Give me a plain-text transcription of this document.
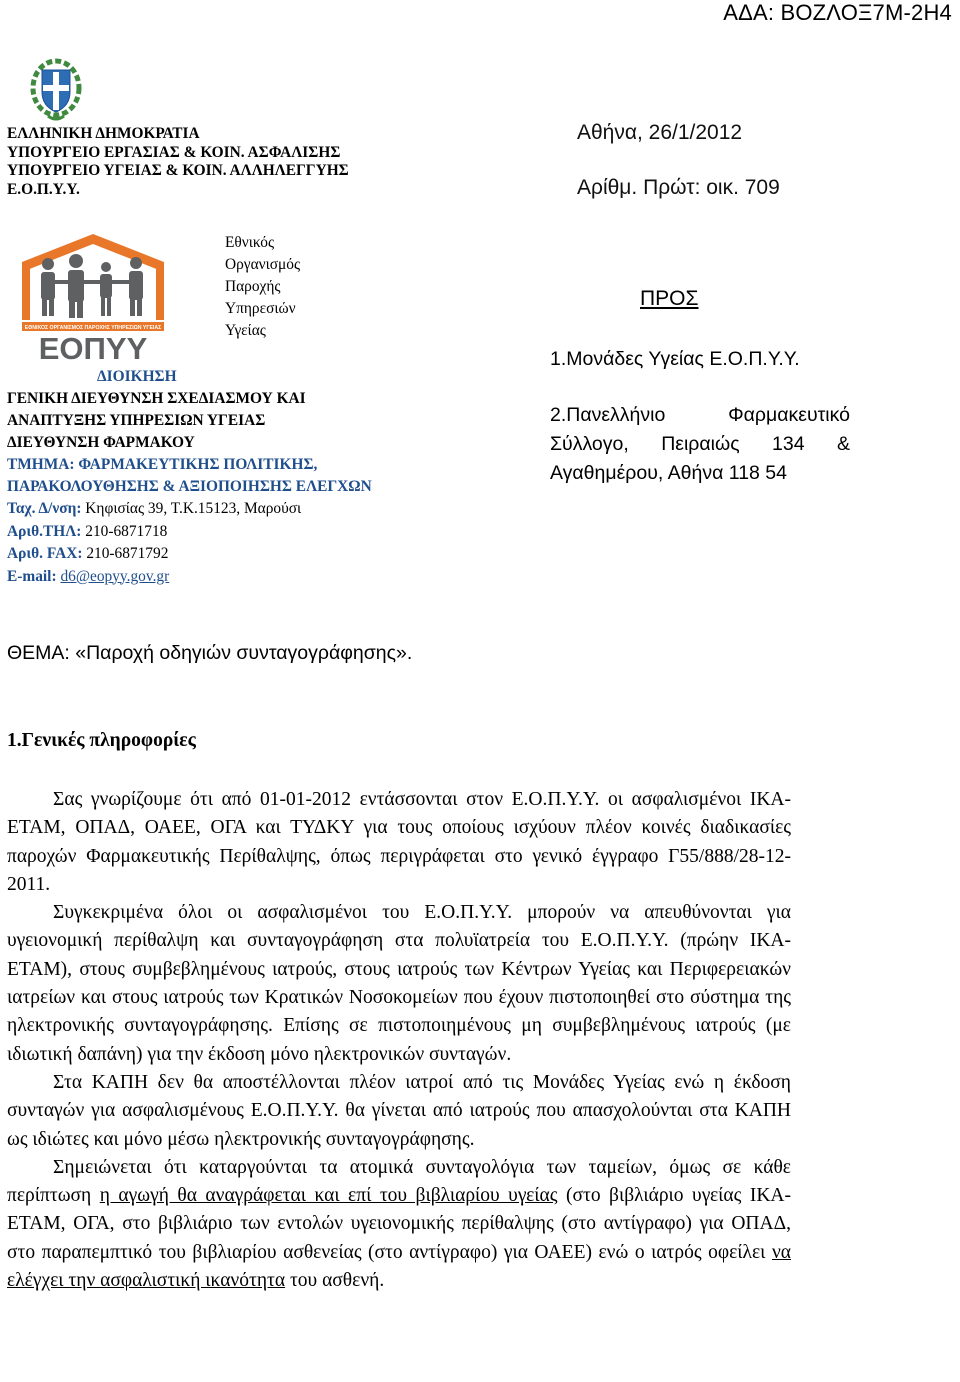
ΑΔΑ: ΒΟΖΛΟΞ7Μ-2Η4
ΕΛΛΗΝΙΚΗ ΔΗΜΟΚΡΑΤΙΑ
ΥΠΟΥΡΓΕΙΟ ΕΡΓΑΣΙΑΣ & ΚΟΙΝ. ΑΣΦΑΛΙΣΗΣ
ΥΠΟΥΡΓΕΙΟ ΥΓΕΙΑΣ & ΚΟΙΝ. ΑΛΛΗΛΕΓΓΥΗΣ
Ε.Ο.Π.Υ.Υ.
ΕΘΝΙΚΟΣ ΟΡΓΑΝΙΣΜΟΣ ΠΑΡΟΧΗΣ ΥΠΗΡΕΣΙΩΝ ΥΓΕΙΑΣ
ΕΟΠΥΥ
Εθνικός
Οργανισμός
Παροχής
Υπηρεσιών
Υγείας
ΔΙΟΙΚΗΣΗ
ΓΕΝΙΚΗ ΔΙΕΥΘΥΝΣΗ ΣΧΕΔΙΑΣΜΟΥ ΚΑΙ
ΑΝΑΠΤΥΞΗΣ ΥΠΗΡΕΣΙΩΝ ΥΓΕΙΑΣ
ΔΙΕΥΘΥΝΣΗ ΦΑΡΜΑΚΟΥ
ΤΜΗΜΑ: ΦΑΡΜΑΚΕΥΤΙΚΗΣ ΠΟΛΙΤΙΚΗΣ,
ΠΑΡΑΚΟΛΟΥΘΗΣΗΣ & ΑΞΙΟΠΟΙΗΣΗΣ ΕΛΕΓΧΩΝ
Ταχ. Δ/νση: Κηφισίας 39, Τ.Κ.15123, Μαρούσι
Αριθ.ΤΗΛ: 210-6871718
Αριθ. FAX: 210-6871792
E-mail: d6@eopyy.gov.gr
Αθήνα, 26/1/2012
Αρίθμ. Πρώτ: οικ. 709
ΠΡΟΣ
1.Μονάδες Υγείας Ε.Ο.Π.Υ.Υ.
2.Πανελλήνιο Φαρμακευτικό Σύλλογο, Πειραιώς 134 &
Αγαθημέρου, Αθήνα 118 54
ΘΕΜΑ: «Παροχή οδηγιών συνταγογράφησης».
1.Γενικές πληροφορίες

Σας γνωρίζουμε ότι από 01-01-2012 εντάσσονται στον Ε.Ο.Π.Υ.Υ. οι ασφαλισμένοι ΙΚΑ-ΕΤΑΜ, ΟΠΑΔ, ΟΑΕΕ, ΟΓΑ και ΤΥΔΚΥ για τους οποίους ισχύουν πλέον κοινές διαδικασίες παροχών Φαρμακευτικής Περίθαλψης, όπως περιγράφεται στο γενικό έγγραφο Γ55/888/28-12-2011.

Συγκεκριμένα όλοι οι ασφαλισμένοι του Ε.Ο.Π.Υ.Υ. μπορούν να απευθύνονται για υγειονομική περίθαλψη και συνταγογράφηση στα πολυϊατρεία του Ε.Ο.Π.Υ.Υ. (πρώην ΙΚΑ-ΕΤΑΜ), στους συμβεβλημένους ιατρούς, στους ιατρούς των Κέντρων Υγείας και Περιφερειακών ιατρείων και στους ιατρούς των Κρατικών Νοσοκομείων που έχουν πιστοποιηθεί στο σύστημα της ηλεκτρονικής συνταγογράφησης. Επίσης σε πιστοποιημένους μη συμβεβλημένους ιατρούς (με ιδιωτική δαπάνη) για την έκδοση μόνο ηλεκτρονικών συνταγών.

Στα ΚΑΠΗ δεν θα αποστέλλονται πλέον ιατροί από τις Μονάδες Υγείας ενώ η έκδοση συνταγών για ασφαλισμένους Ε.Ο.Π.Υ.Υ. θα γίνεται από ιατρούς που απασχολούνται στα ΚΑΠΗ ως ιδιώτες και μόνο μέσω ηλεκτρονικής συνταγογράφησης.

Σημειώνεται ότι καταργούνται τα ατομικά συνταγολόγια των ταμείων, όμως σε κάθε περίπτωση η αγωγή θα αναγράφεται και επί του βιβλιαρίου υγείας (στο βιβλιάριο υγείας ΙΚΑ-ΕΤΑΜ, ΟΓΑ, στο βιβλιάριο των εντολών υγειονομικής περίθαλψης (στο αντίγραφο) για ΟΠΑΔ, στο παραπεμπτικό του βιβλιαρίου ασθενείας (στο αντίγραφο) για ΟΑΕΕ) ενώ ο ιατρός οφείλει να ελέγχει την ασφαλιστική ικανότητα του ασθενή.
